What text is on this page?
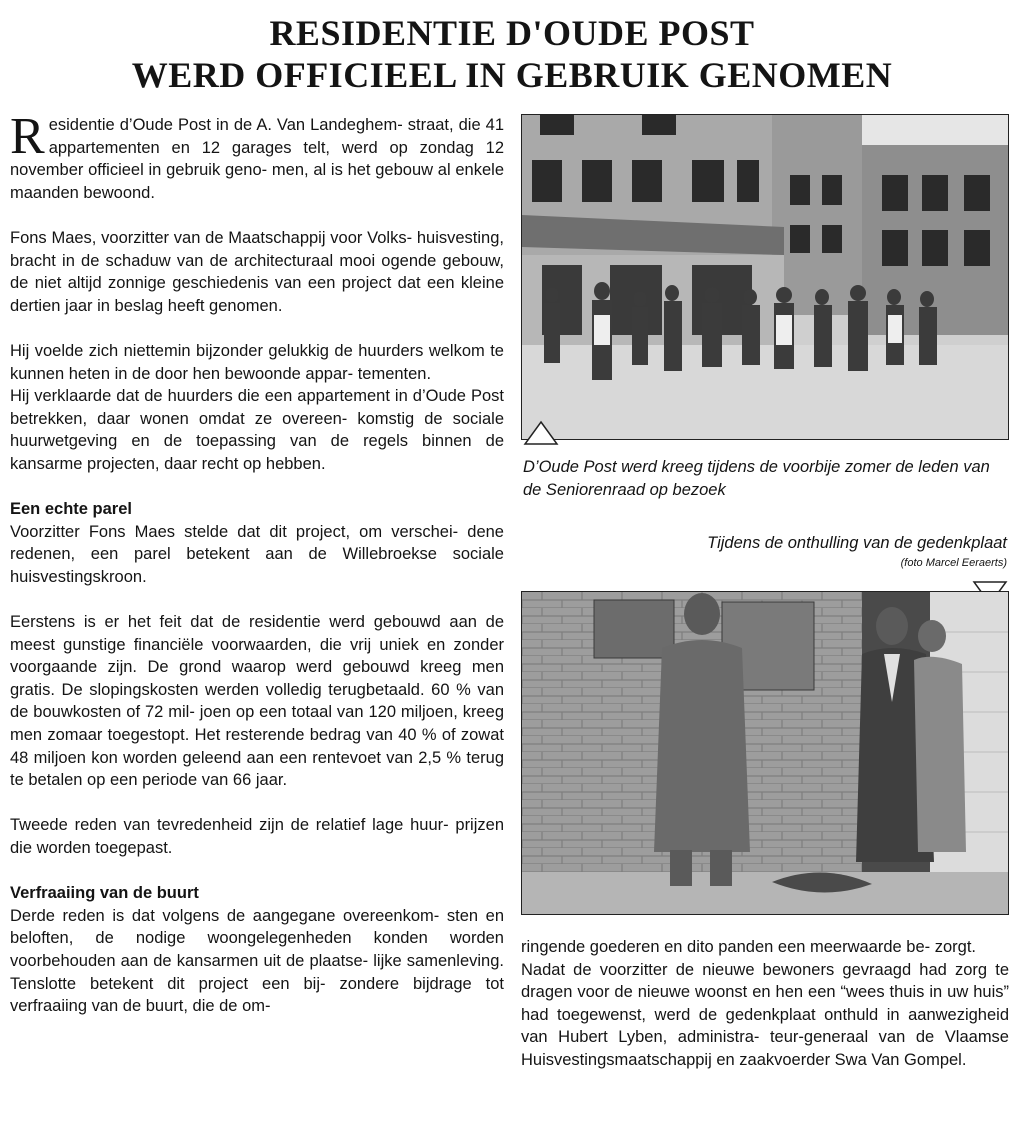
RESIDENTIE D'OUDE POST
WERD OFFICIEEL IN GEBRUIK GENOMEN

Residentie d’Oude Post in de A. Van Landeghem- straat, die 41 appartementen en 12 garages telt, werd op zondag 12 november officieel in gebruik geno- men, al is het gebouw al enkele maanden bewoond.

Fons Maes, voorzitter van de Maatschappij voor Volks- huisvesting, bracht in de schaduw van de architecturaal mooi ogende gebouw, de niet altijd zonnige geschiedenis van een project dat een kleine dertien jaar in beslag heeft genomen.

Hij voelde zich niettemin bijzonder gelukkig de huurders welkom te kunnen heten in de door hen bewoonde appar- tementen.

Hij verklaarde dat de huurders die een appartement in d’Oude Post betrekken, daar wonen omdat ze overeen- komstig de sociale huurwetgeving en de toepassing van de regels binnen de kansarme projecten, daar recht op hebben.

Een echte parel

Voorzitter Fons Maes stelde dat dit project, om verschei- dene redenen, een parel betekent aan de Willebroekse sociale huisvestingskroon.

Eerstens is er het feit dat de residentie werd gebouwd aan de meest gunstige financiële voorwaarden, die vrij uniek en zonder voorgaande zijn. De grond waarop werd gebouwd kreeg men gratis. De slopingskosten werden volledig terugbetaald. 60 % van de bouwkosten of 72 mil- joen op een totaal van 120 miljoen, kreeg men zomaar toegestopt. Het resterende bedrag van 40 % of zowat 48 miljoen kon worden geleend aan een rentevoet van 2,5 % terug te betalen op een periode van 66 jaar.

Tweede reden van tevredenheid zijn de relatief lage huur- prijzen die worden toegepast.

Verfraaiing van de buurt

Derde reden is dat volgens de aangegane overeenkom- sten en beloften, de nodige woongelegenheden konden worden voorbehouden aan de kansarmen uit de plaatse- lijke samenleving. Tenslotte betekent dit project een bij- zondere bijdrage tot verfraaiing van de buurt, die de om-

D’Oude Post werd kreeg tijdens de voorbije zomer de leden van de Seniorenraad op bezoek
Tijdens de onthulling van de gedenkplaat
(foto Marcel Eeraerts)

ringende goederen en dito panden een meerwaarde be- zorgt.

Nadat de voorzitter de nieuwe bewoners gevraagd had zorg te dragen voor de nieuwe woonst en hen een “wees thuis in uw huis” had toegewenst, werd de gedenkplaat onthuld in aanwezigheid van Hubert Lyben, administra- teur-generaal van de Vlaamse Huisvestingsmaatschappij en zaakvoerder Swa Van Gompel.
